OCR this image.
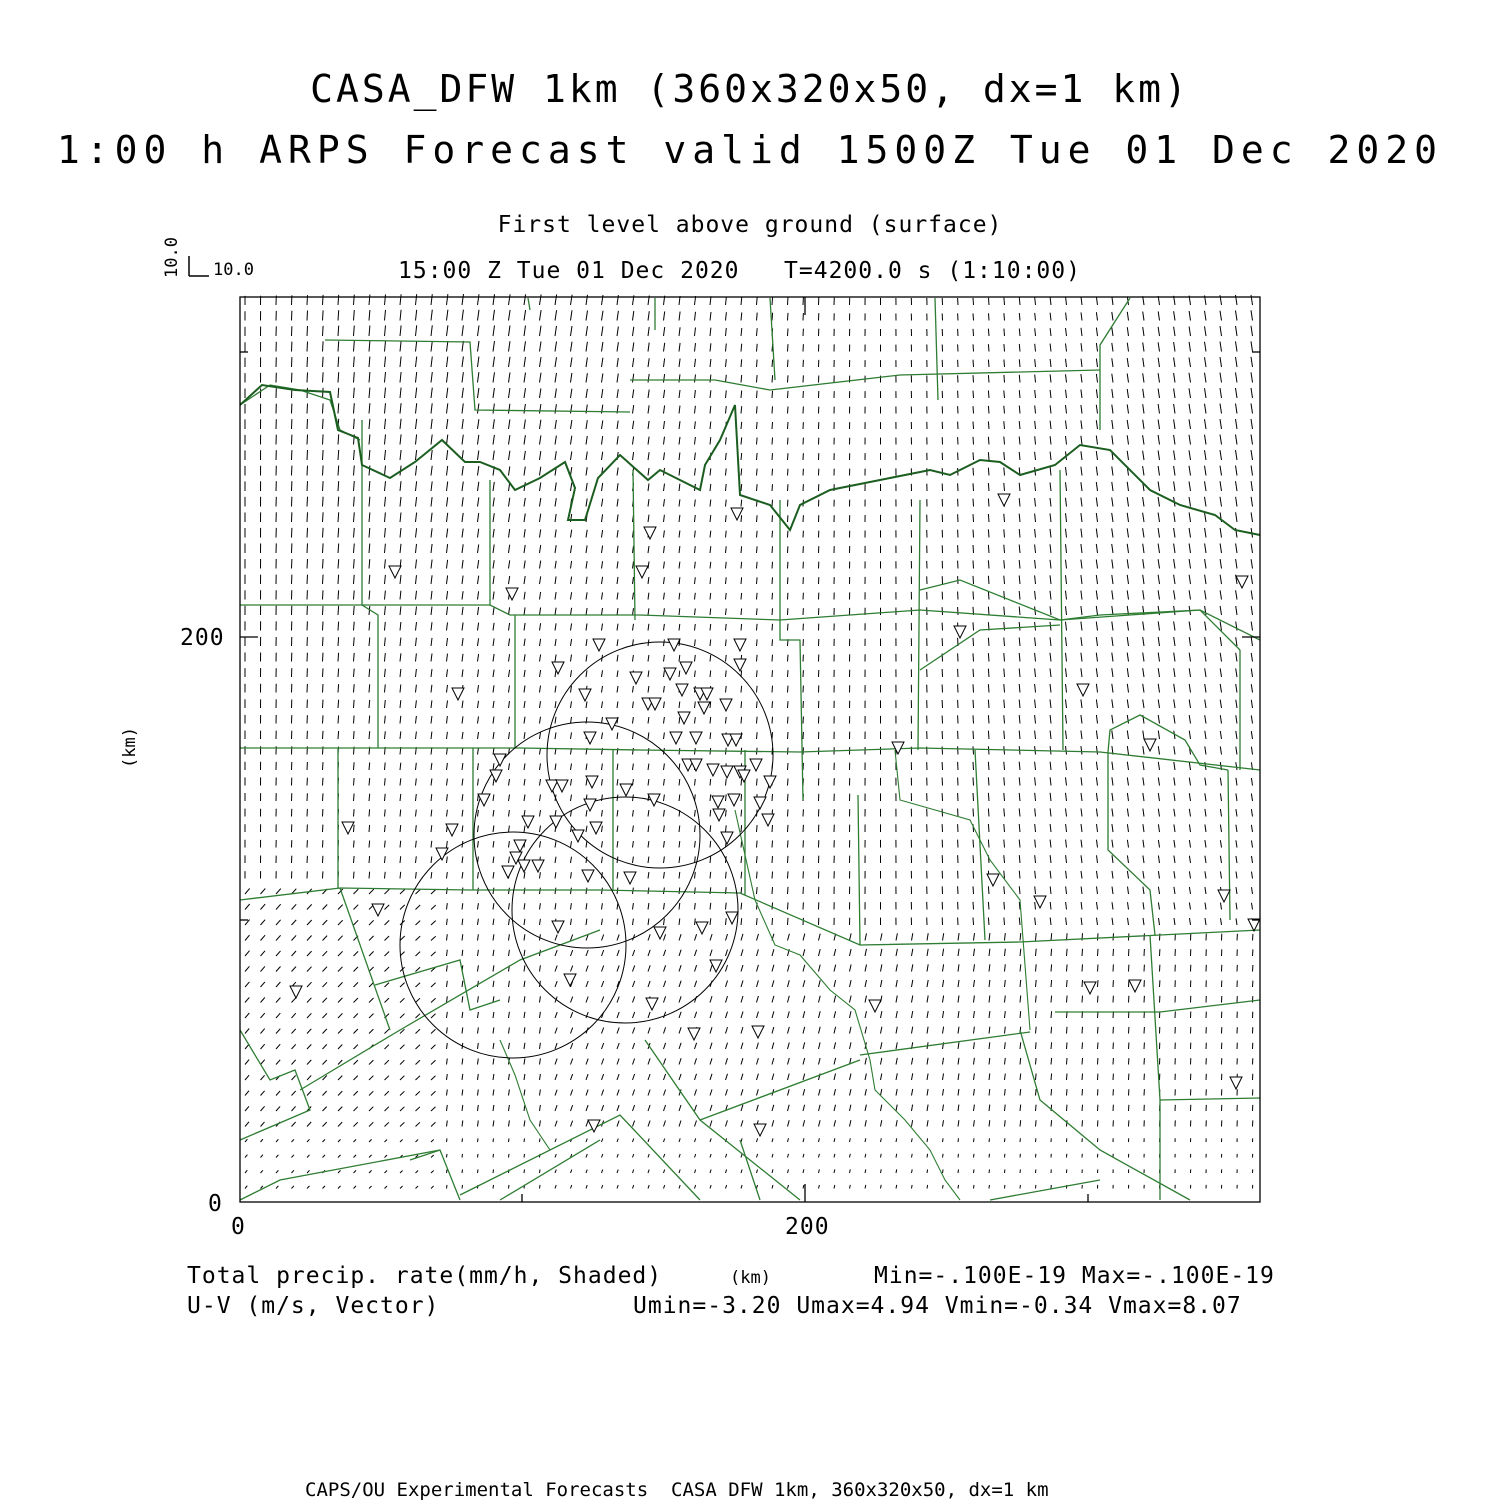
CASA_DFW 1km (360x320x50, dx=1 km)
1:00 h ARPS Forecast valid 1500Z Tue 01 Dec 2020
First level above ground (surface)
15:00 Z Tue 01 Dec 2020   T=4200.0 s (1:10:00)
10.0
10.0
200
0
0	200
(km)
Total precip. rate(mm/h, Shaded)	(km)	Min=-.100E-19 Max=-.100E-19
U-V (m/s, Vector)	Umin=-3.20 Umax=4.94 Vmin=-0.34 Vmax=8.07
CAPS/OU Experimental Forecasts  CASA DFW 1km, 360x320x50, dx=1 km
